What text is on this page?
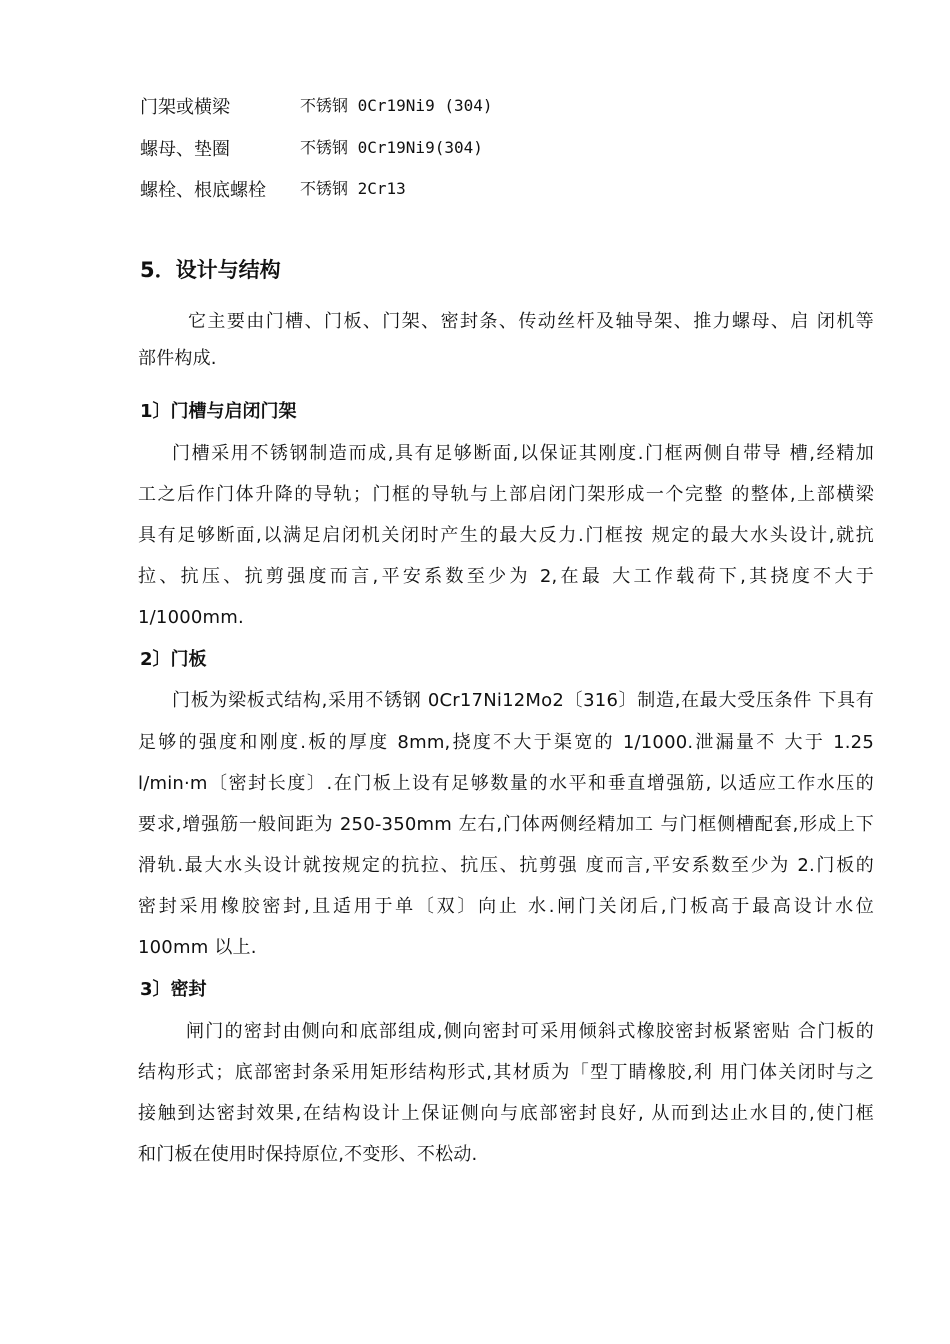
门架或横梁	不锈钢 0Cr19Ni9 (304)
螺母、垫圈	不锈钢 0Cr19Ni9(304)
螺栓、根底螺栓 不锈钢 2Cr13
5．设计与结构
它主要由门槽、门板、门架、密封条、传动丝杆及轴导架、推力螺母、启 闭机等
部件构成.
1〕门槽与启闭门架
门槽采用不锈钢制造而成,具有足够断面,以保证其刚度.门框两侧自带导 槽,经精加
工之后作门体升降的导轨；门框的导轨与上部启闭门架形成一个完整 的整体,上部横梁
具有足够断面,以满足启闭机关闭时产生的最大反力.门框按 规定的最大水头设计,就抗
拉、抗压、抗剪强度而言,平安系数至少为 2,在最 大工作载荷下,其挠度不大于
1/1000mm.
2〕门板
门板为梁板式结构,采用不锈钢 0Cr17Ni12Mo2〔316〕制造,在最大受压条件 下具有
足够的强度和刚度.板的厚度 8mm,挠度不大于渠宽的 1/1000.泄漏量不 大于 1.25
l/min·m〔密封长度〕.在门板上设有足够数量的水平和垂直增强筋, 以适应工作水压的
要求,增强筋一般间距为 250-350mm 左右,门体两侧经精加工 与门框侧槽配套,形成上下
滑轨.最大水头设计就按规定的抗拉、抗压、抗剪强 度而言,平安系数至少为 2.门板的
密封采用橡胶密封,且适用于单〔双〕向止 水.闸门关闭后,门板高于最高设计水位
100mm 以上.
3〕密封
闸门的密封由侧向和底部组成,侧向密封可采用倾斜式橡胶密封板紧密贴 合门板的
结构形式；底部密封条采用矩形结构形式,其材质为「型丁睛橡胶,利 用门体关闭时与之
接触到达密封效果,在结构设计上保证侧向与底部密封良好, 从而到达止水目的,使门框
和门板在使用时保持原位,不变形、不松动.
